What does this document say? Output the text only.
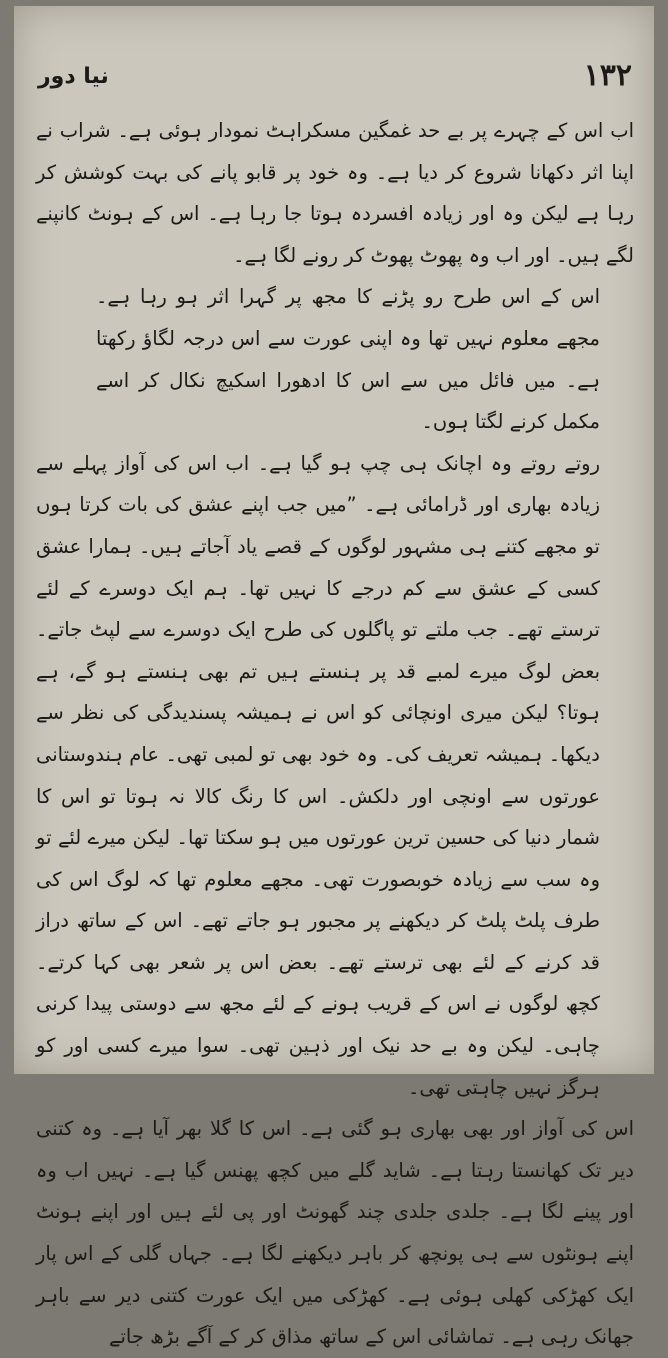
۱۳۲
نیا دور

اب اس کے چہرے پر بے حد غمگین مسکراہٹ نمودار ہوئی ہے۔ شراب نے اپنا اثر دکھانا شروع کر دیا ہے۔ وہ خود پر قابو پانے کی بہت کوشش کر رہا ہے لیکن وہ اور زیادہ افسردہ ہوتا جا رہا ہے۔ اس کے ہونٹ کانپنے لگے ہیں۔ اور اب وہ پھوٹ پھوٹ کر رونے لگا ہے۔

اس کے اس طرح رو پڑنے کا مجھ پر گہرا اثر ہو رہا ہے۔ مجھے معلوم نہیں تھا وہ اپنی عورت سے اس درجہ لگاؤ رکھتا ہے۔ میں فائل میں سے اس کا ادھورا اسکیچ نکال کر اسے مکمل کرنے لگتا ہوں۔

روتے روتے وہ اچانک ہی چپ ہو گیا ہے۔ اب اس کی آواز پہلے سے زیادہ بھاری اور ڈرامائی ہے۔ ”میں جب اپنے عشق کی بات کرتا ہوں تو مجھے کتنے ہی مشہور لوگوں کے قصے یاد آجاتے ہیں۔ ہمارا عشق کسی کے عشق سے کم درجے کا نہیں تھا۔ ہم ایک دوسرے کے لئے ترستے تھے۔ جب ملتے تو پاگلوں کی طرح ایک دوسرے سے لپٹ جاتے۔ بعض لوگ میرے لمبے قد پر ہنستے ہیں تم بھی ہنستے ہو گے، ہے ہوتا؟ لیکن میری اونچائی کو اس نے ہمیشہ پسندیدگی کی نظر سے دیکھا۔ ہمیشہ تعریف کی۔ وہ خود بھی تو لمبی تھی۔ عام ہندوستانی عورتوں سے اونچی اور دلکش۔ اس کا رنگ کالا نہ ہوتا تو اس کا شمار دنیا کی حسین ترین عورتوں میں ہو سکتا تھا۔ لیکن میرے لئے تو وہ سب سے زیادہ خوبصورت تھی۔ مجھے معلوم تھا کہ لوگ اس کی طرف پلٹ پلٹ کر دیکھنے پر مجبور ہو جاتے تھے۔ اس کے ساتھ دراز قد کرنے کے لئے بھی ترستے تھے۔ بعض اس پر شعر بھی کہا کرتے۔ کچھ لوگوں نے اس کے قریب ہونے کے لئے مجھ سے دوستی پیدا کرنی چاہی۔ لیکن وہ بے حد نیک اور ذہین تھی۔ سوا میرے کسی اور کو ہرگز نہیں چاہتی تھی۔

اس کی آواز اور بھی بھاری ہو گئی ہے۔ اس کا گلا بھر آیا ہے۔ وہ کتنی دیر تک کھانستا رہتا ہے۔ شاید گلے میں کچھ پھنس گیا ہے۔ نہیں اب وہ اور پینے لگا ہے۔ جلدی جلدی چند گھونٹ اور پی لئے ہیں اور اپنے ہونٹ اپنے ہونٹوں سے ہی پونچھ کر باہر دیکھنے لگا ہے۔ جہاں گلی کے اس پار ایک کھڑکی کھلی ہوئی ہے۔ کھڑکی میں ایک عورت کتنی دیر سے باہر جھانک رہی ہے۔ تماشائی اس کے ساتھ مذاق کر کے آگے بڑھ جاتے
